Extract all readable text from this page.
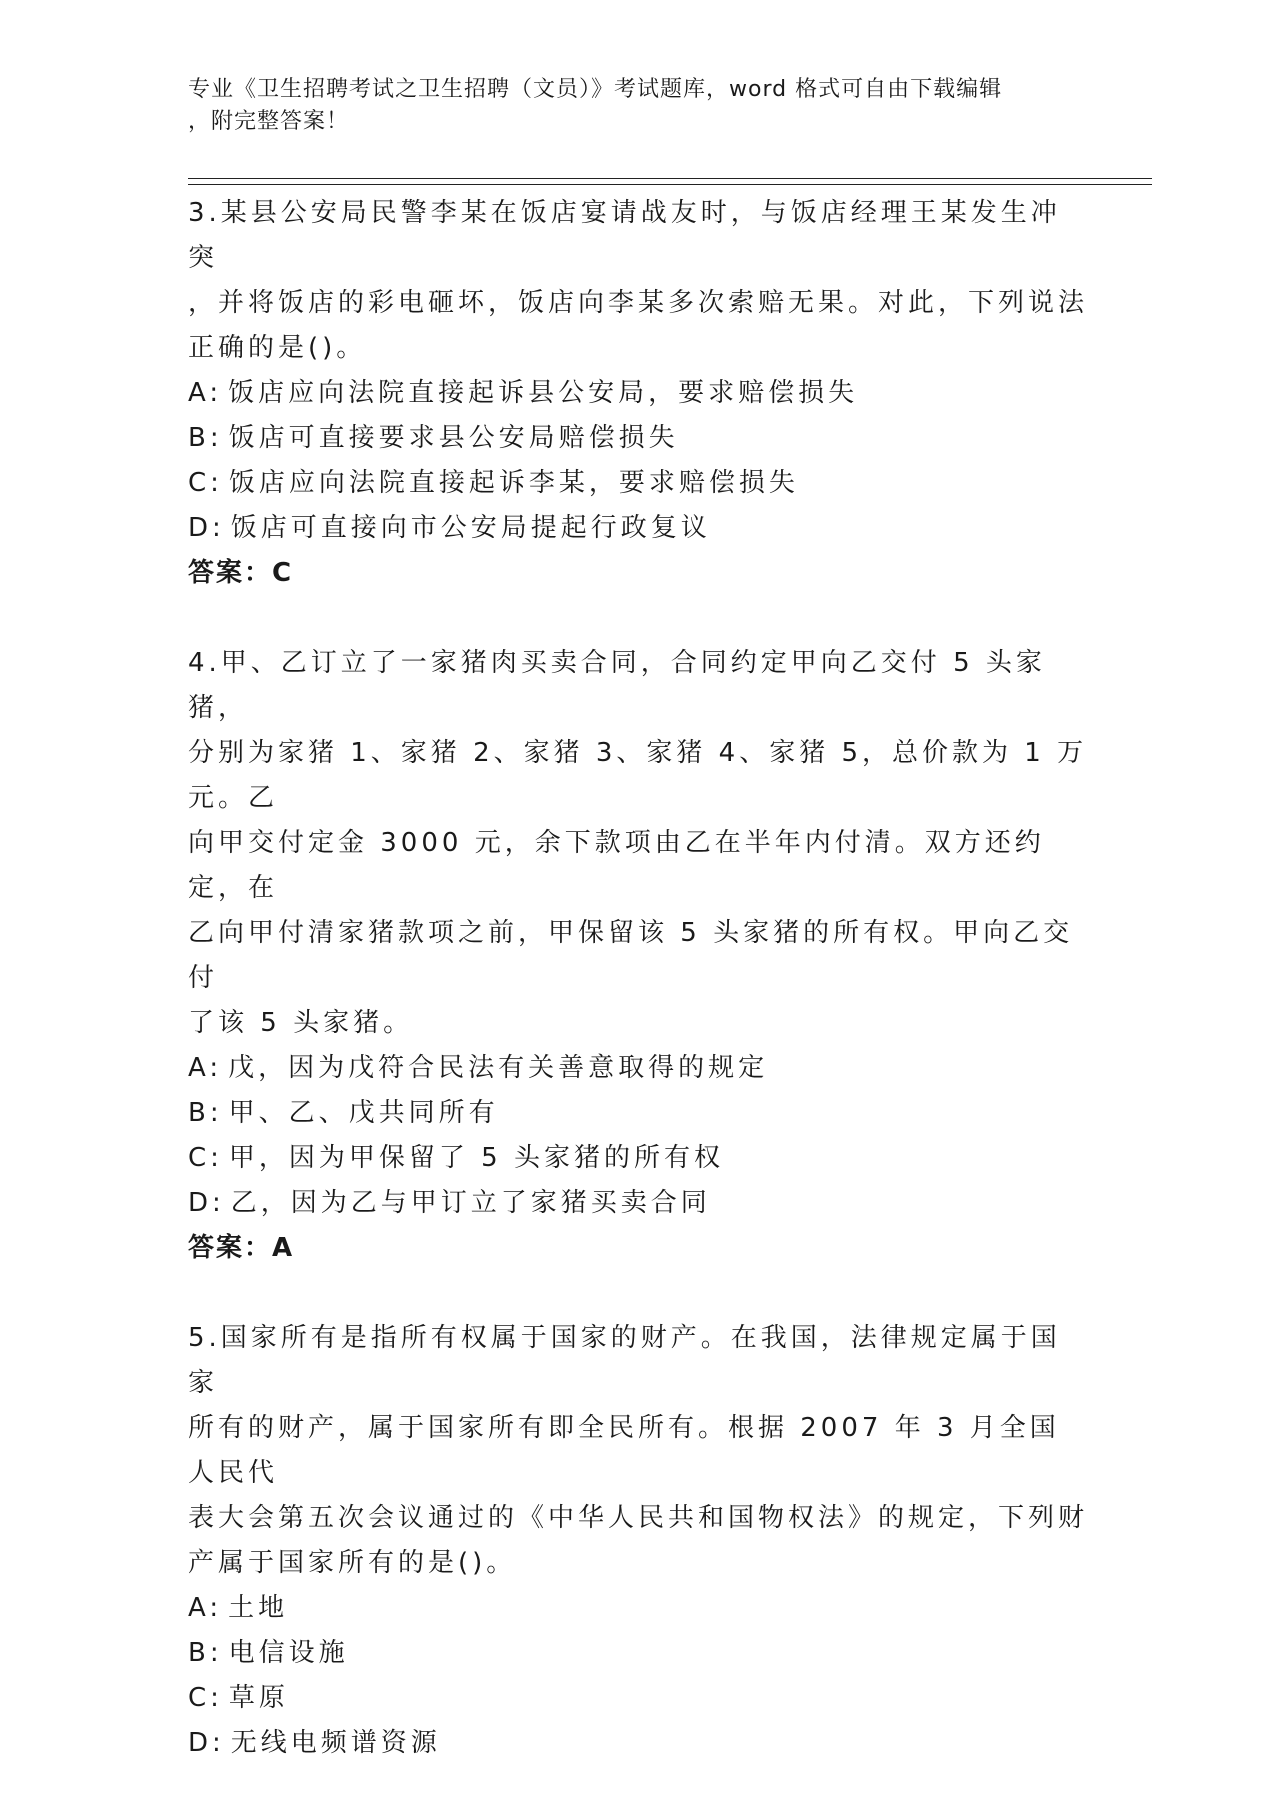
专业《卫生招聘考试之卫生招聘（文员）》考试题库，word 格式可自由下载编辑
，附完整答案！
3.某县公安局民警李某在饭店宴请战友时，与饭店经理王某发生冲突
，并将饭店的彩电砸坏，饭店向李某多次索赔无果。对此，下列说法
正确的是()。
A: 饭店应向法院直接起诉县公安局，要求赔偿损失
B: 饭店可直接要求县公安局赔偿损失
C: 饭店应向法院直接起诉李某，要求赔偿损失
D: 饭店可直接向市公安局提起行政复议
答案：C
4.甲、乙订立了一家猪肉买卖合同，合同约定甲向乙交付 5 头家猪，
分别为家猪 1、家猪 2、家猪 3、家猪 4、家猪 5，总价款为 1 万元。乙
向甲交付定金 3000 元，余下款项由乙在半年内付清。双方还约定，在
乙向甲付清家猪款项之前，甲保留该 5 头家猪的所有权。甲向乙交付
了该 5 头家猪。
A: 戊，因为戊符合民法有关善意取得的规定
B: 甲、乙、戊共同所有
C: 甲，因为甲保留了 5 头家猪的所有权
D: 乙，因为乙与甲订立了家猪买卖合同
答案：A
5.国家所有是指所有权属于国家的财产。在我国，法律规定属于国家
所有的财产，属于国家所有即全民所有。根据 2007 年 3 月全国人民代
表大会第五次会议通过的《中华人民共和国物权法》的规定，下列财
产属于国家所有的是()。
A: 土地
B: 电信设施
C: 草原
D: 无线电频谱资源
